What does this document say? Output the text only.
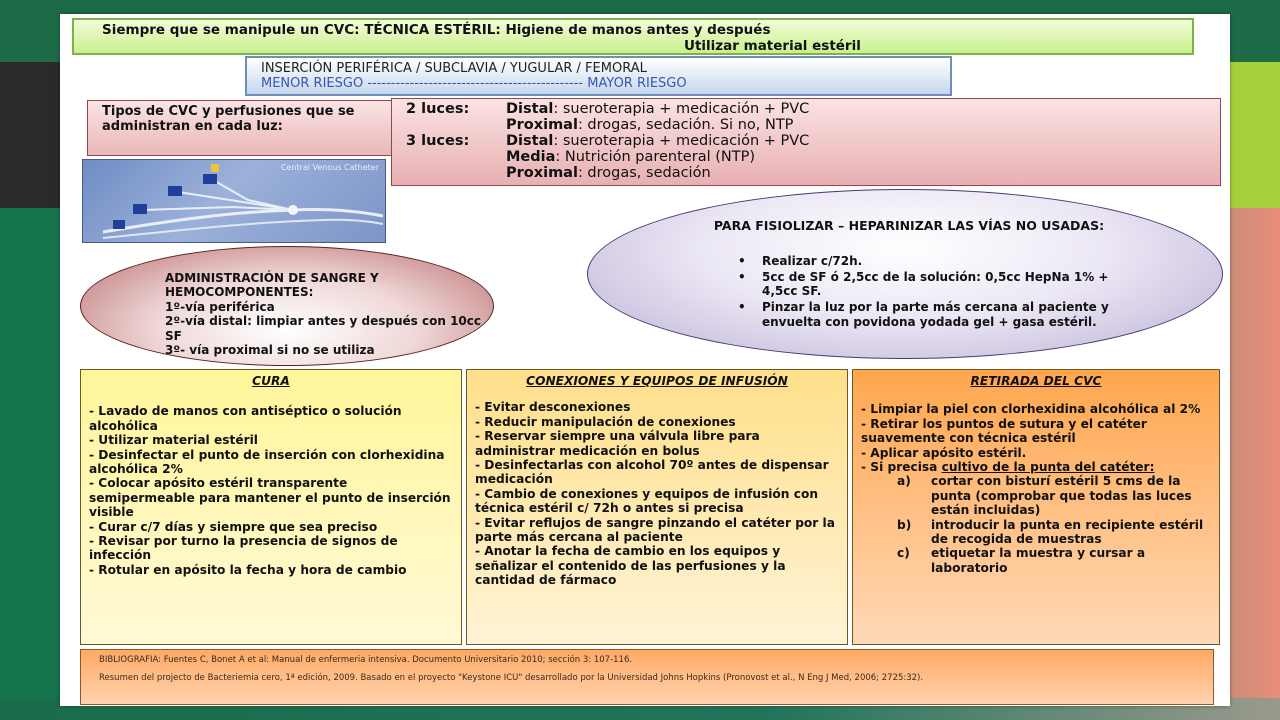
Siempre que se manipule un CVC: TÉCNICA ESTÉRIL: Higiene de manos antes y después
Utilizar material estéril
INSERCIÓN PERIFÉRICA / SUBCLAVIA / YUGULAR / FEMORAL
MENOR RIESGO ---------------------------------------------- MAYOR RIESGO
Tipos de CVC y perfusiones que se administran en cada luz:
Central Venous Catheter
2 luces:	Distal: sueroterapia + medicación + PVC
Proximal: drogas, sedación. Si no, NTP
3 luces:	Distal: sueroterapia + medicación + PVC
Media: Nutrición parenteral (NTP)
Proximal: drogas, sedación
PARA FISIOLIZAR – HEPARINIZAR LAS VÍAS NO USADAS:
• Realizar c/72h.
• 5cc de SF ó 2,5cc de la solución: 0,5cc HepNa 1% + 4,5cc SF.
• Pinzar la luz por la parte más cercana al paciente y envuelta con povidona yodada gel + gasa estéril.
ADMINISTRACIÓN DE SANGRE Y HEMOCOMPONENTES:
1º-vía periférica
2º-vía distal: limpiar antes y después con 10cc SF
3º- vía proximal si no se utiliza
CURA

- Lavado de manos con antiséptico o solución alcohólica

- Utilizar material estéril

- Desinfectar el punto de inserción con clorhexidina alcohólica 2%

- Colocar apósito estéril transparente semipermeable para mantener el punto de inserción visible

- Curar c/7 días y siempre que sea preciso

- Revisar por turno la presencia de signos de infección

- Rotular en apósito la fecha y hora de cambio

CONEXIONES Y EQUIPOS DE INFUSIÓN

- Evitar desconexiones

- Reducir manipulación de conexiones

- Reservar siempre una válvula libre para administrar medicación en bolus

- Desinfectarlas con alcohol 70º antes de dispensar medicación

- Cambio de conexiones y equipos de infusión con técnica estéril c/ 72h o antes si precisa

- Evitar reflujos de sangre pinzando el catéter por la parte más cercana al paciente

- Anotar la fecha de cambio en los equipos y señalizar el contenido de las perfusiones y la cantidad de fármaco

RETIRADA DEL CVC

- Limpiar la piel con clorhexidina alcohólica al 2%

- Retirar los puntos de sutura y el catéter suavemente con técnica estéril

- Aplicar apósito estéril.

- Si precisa cultivo de la punta del catéter:

a) cortar con bisturí estéril 5 cms de la punta (comprobar que todas las luces están incluidas)
b) introducir la punta en recipiente estéril de recogida de muestras
c) etiquetar la muestra y cursar a laboratorio

BIBLIOGRAFIA: Fuentes C, Bonet A et al: Manual de enfermeria intensiva. Documento Universitario 2010; sección 3: 107-116.

Resumen del projecto de Bacteriemia cero, 1ª edición, 2009. Basado en el proyecto "Keystone ICU" desarrollado por la Universidad Johns Hopkins (Pronovost et al., N Eng J Med, 2006; 2725:32).
